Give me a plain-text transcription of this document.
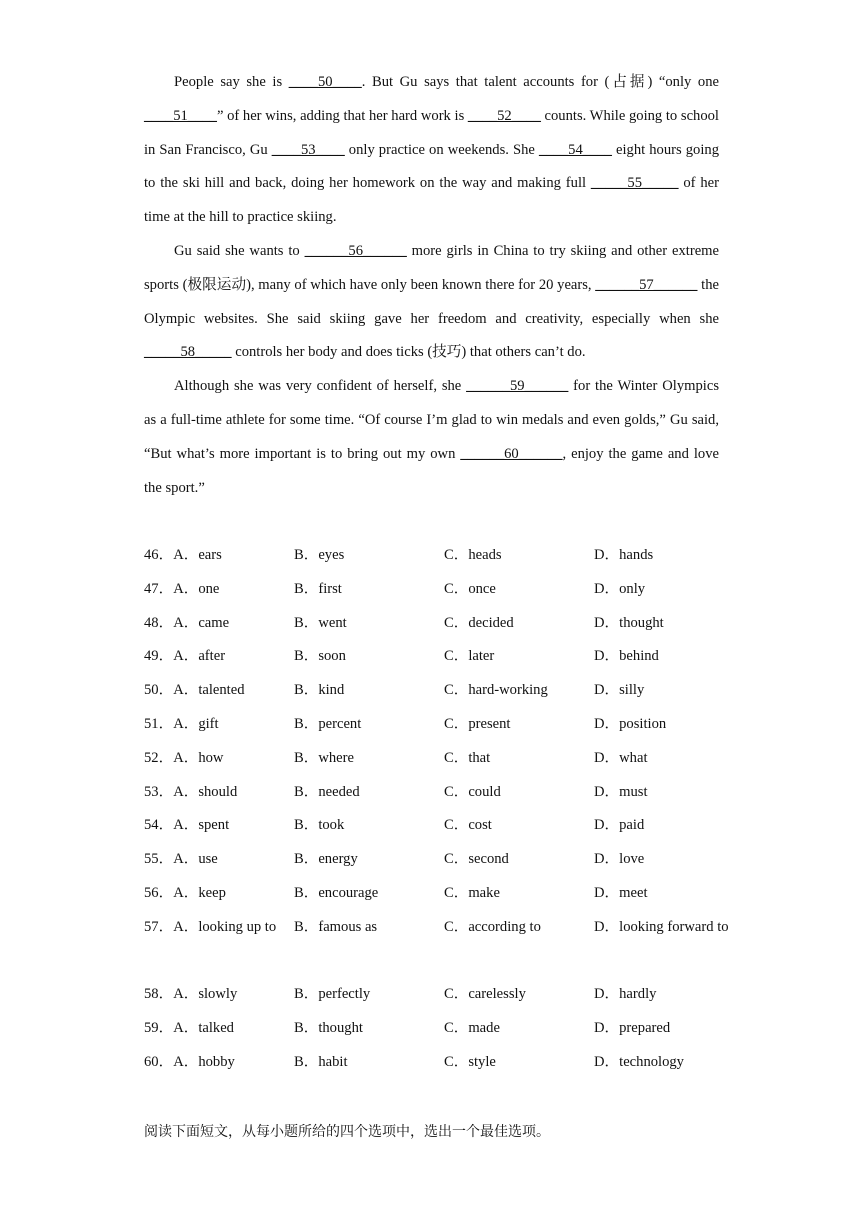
People say she is ____50____. But Gu says that talent accounts for (占据) “only one ____51____” of her wins, adding that her hard work is ____52____ counts. While going to school in San Francisco, Gu ____53____ only practice on weekends. She ____54____ eight hours going to the ski hill and back, doing her homework on the way and making full _____55_____ of her time at the hill to practice skiing.

Gu said she wants to ______56______ more girls in China to try skiing and other extreme sports (极限运动), many of which have only been known there for 20 years, ______57______ the Olympic websites. She said skiing gave her freedom and creativity, especially when she _____58_____ controls her body and does ticks (技巧) that others can’t do.

Although she was very confident of herself, she ______59______ for the Winter Olympics as a full-time athlete for some time. “Of course I’m glad to win medals and even golds,” Gu said, “But what’s more important is to bring out my own ______60______, enjoy the game and love the sport.”

46．A．ears	B．eyes	C．heads	D．hands
47．A．one	B．first	C．once	D．only
48．A．came	B．went	C．decided	D．thought
49．A．after	B．soon	C．later	D．behind
50．A．talented	B．kind	C．hard-working	D．silly
51．A．gift	B．percent	C．present	D．position
52．A．how	B．where	C．that	D．what
53．A．should	B．needed	C．could	D．must
54．A．spent	B．took	C．cost	D．paid
55．A．use	B．energy	C．second	D．love
56．A．keep	B．encourage	C．make	D．meet
57．A．looking up to	B．famous as	C．according to	D．looking forward to
58．A．slowly	B．perfectly	C．carelessly	D．hardly
59．A．talked	B．thought	C．made	D．prepared
60．A．hobby	B．habit	C．style	D．technology
阅读下面短文，从每小题所给的四个选项中，选出一个最佳选项。
